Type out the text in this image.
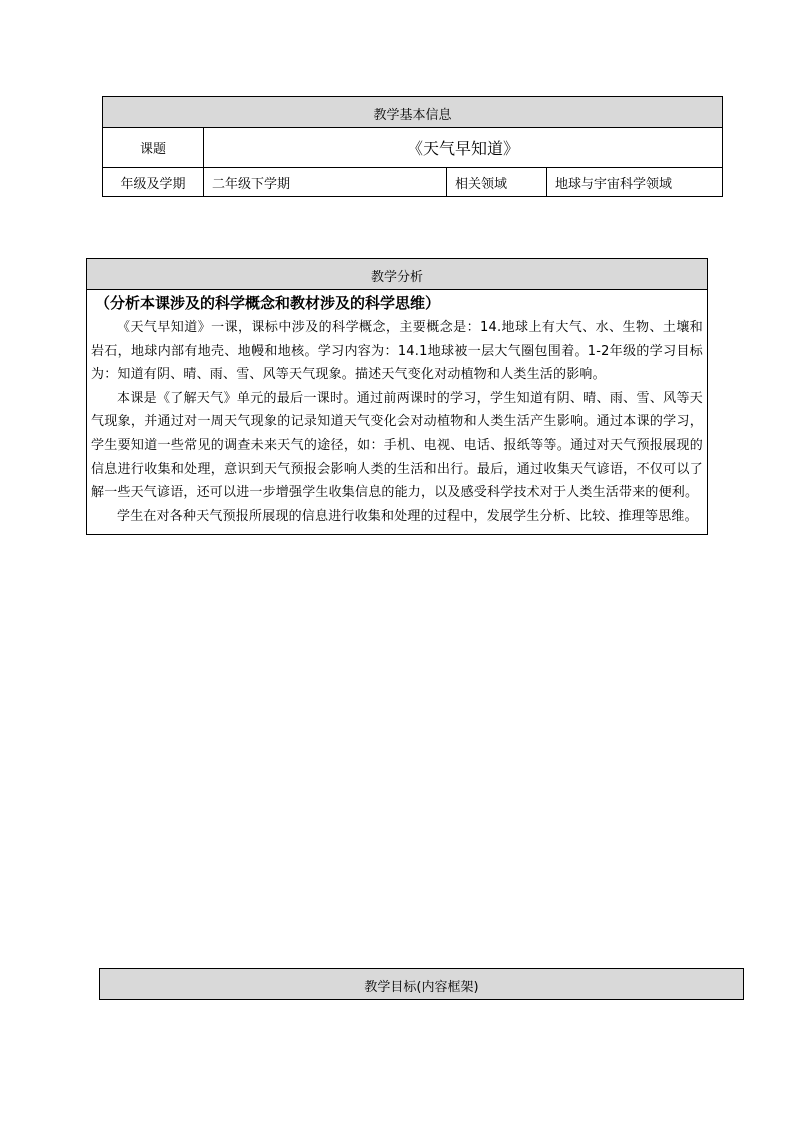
教学基本信息			
课题	《天气早知道》		
年级及学期	二年级下学期	相关领域	地球与宇宙科学领域
教学分析

（分析本课涉及的科学概念和教材涉及的科学思维）

《天气早知道》一课，课标中涉及的科学概念，主要概念是：14.地球上有大气、水、生物、土壤和岩石，地球内部有地壳、地幔和地核。学习内容为：14.1地球被一层大气圈包围着。1-2年级的学习目标为：知道有阴、晴、雨、雪、风等天气现象。描述天气变化对动植物和人类生活的影响。

本课是《了解天气》单元的最后一课时。通过前两课时的学习，学生知道有阴、晴、雨、雪、风等天气现象，并通过对一周天气现象的记录知道天气变化会对动植物和人类生活产生影响。通过本课的学习，学生要知道一些常见的调查未来天气的途径，如：手机、电视、电话、报纸等等。通过对天气预报展现的信息进行收集和处理，意识到天气预报会影响人类的生活和出行。最后，通过收集天气谚语，不仅可以了解一些天气谚语，还可以进一步增强学生收集信息的能力，以及感受科学技术对于人类生活带来的便利。

学生在对各种天气预报所展现的信息进行收集和处理的过程中，发展学生分析、比较、推理等思维。

教学目标(内容框架)
